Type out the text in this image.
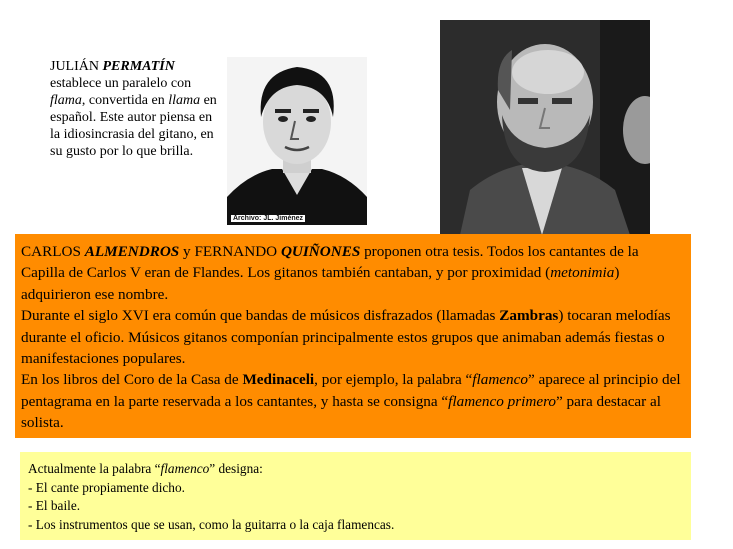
JULIÁN PERMATÍN establece un paralelo con flama, convertida en llama en español. Este autor piensa en la idiosincrasia del gitano, en su gusto por lo que brilla.
Archivo: JL. Jiménez

CARLOS ALMENDROS y FERNANDO QUIÑONES proponen otra tesis. Todos los cantantes de la Capilla de Carlos V eran de Flandes. Los gitanos también cantaban, y por proximidad (metonimia) adquirieron ese nombre.

Durante el siglo XVI era común que bandas de músicos disfrazados (llamadas Zambras) tocaran melodías durante el oficio. Músicos gitanos componían principalmente estos grupos que animaban además fiestas o manifestaciones populares.

En los libros del Coro de la Casa de Medinaceli, por ejemplo, la palabra “flamenco” aparece al principio del pentagrama en la parte reservada a los cantantes, y hasta se consigna “flamenco primero” para destacar al solista.

Actualmente la palabra “flamenco” designa:

- El cante propiamente dicho.

- El baile.

- Los instrumentos que se usan, como la guitarra o la caja flamencas.
